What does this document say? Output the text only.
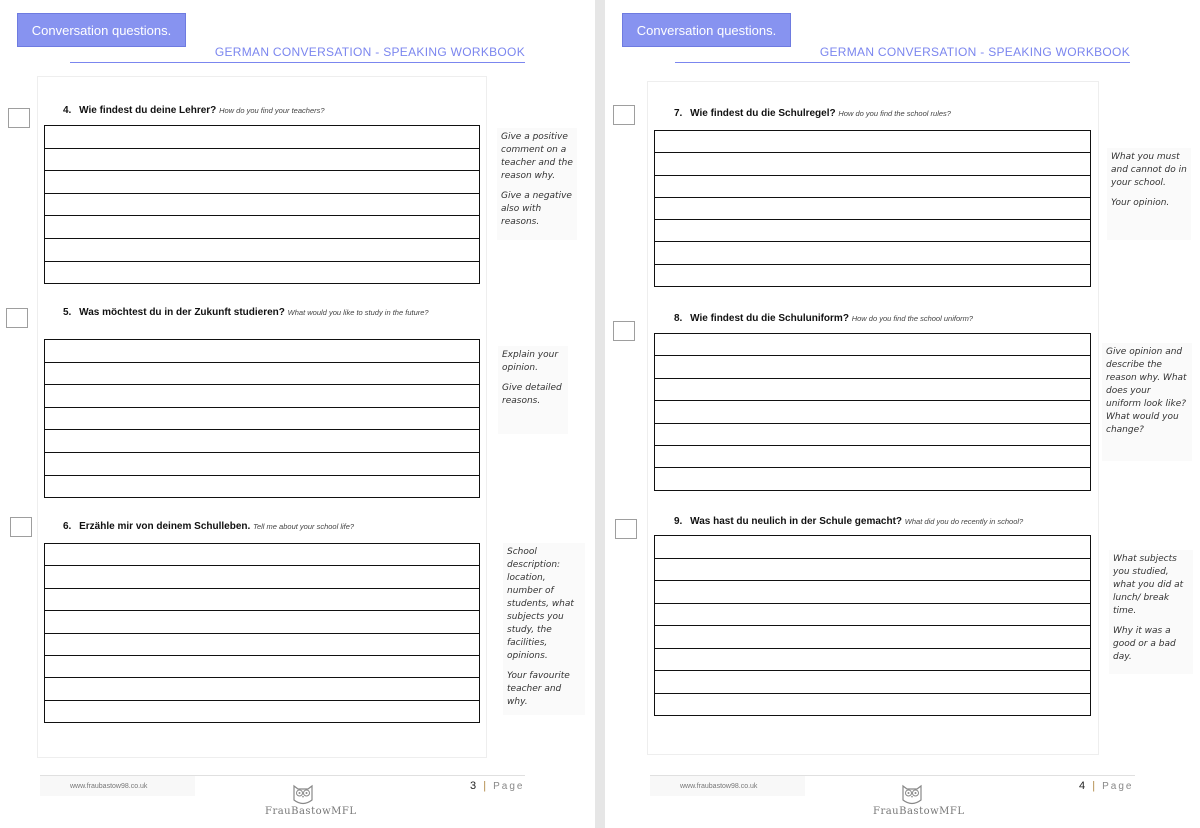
Conversation questions.
GERMAN CONVERSATION - SPEAKING WORKBOOK
4. Wie findest du deine Lehrer? How do you find your teachers?

Give a positive comment on a teacher and the reason why.

Give a negative also with reasons.

5. Was möchtest du in der Zukunft studieren? What would you like to study in the future?

Explain your opinion.

Give detailed reasons.

6. Erzähle mir von deinem Schulleben. Tell me about your school life?

School description: location, number of students, what subjects you study, the facilities, opinions.

Your favourite teacher and why.

www.fraubastow98.co.uk	3 | Page
FrauBastowMFL
Conversation questions.
GERMAN CONVERSATION - SPEAKING WORKBOOK
7. Wie findest du die Schulregel? How do you find the school rules?

What you must and cannot do in your school.

Your opinion.

8. Wie findest du die Schuluniform? How do you find the school uniform?

Give opinion and describe the reason why. What does your uniform look like? What would you change?

9. Was hast du neulich in der Schule gemacht? What did you do recently in school?

What subjects you studied, what you did at lunch/ break time.

Why it was a good or a bad day.

www.fraubastow98.co.uk	4 | Page
FrauBastowMFL
